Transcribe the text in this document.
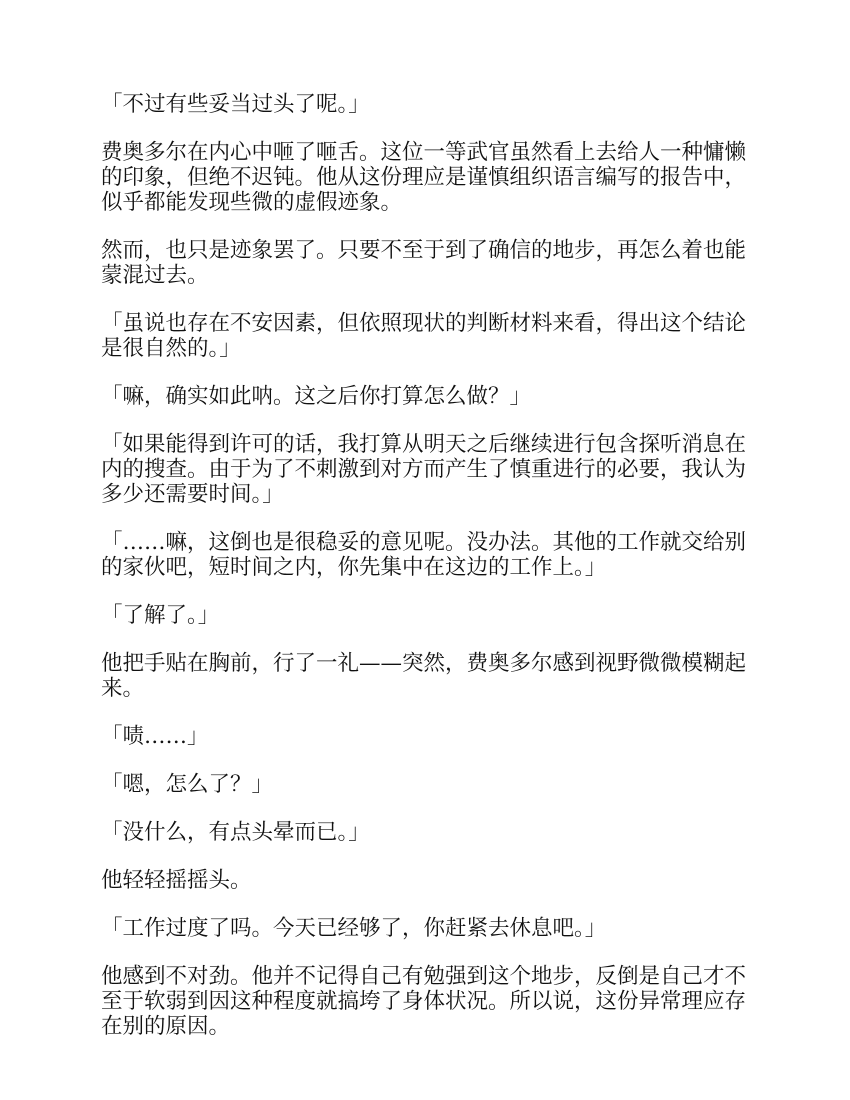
「不过有些妥当过头了呢。」

费奥多尔在内心中咂了咂舌。这位一等武官虽然看上去给人一种慵懒的印象，但绝不迟钝。他从这份理应是谨慎组织语言编写的报告中，似乎都能发现些微的虚假迹象。

然而，也只是迹象罢了。只要不至于到了确信的地步，再怎么着也能蒙混过去。

「虽说也存在不安因素，但依照现状的判断材料来看，得出这个结论是很自然的。」

「嘛，确实如此呐。这之后你打算怎么做？」

「如果能得到许可的话，我打算从明天之后继续进行包含探听消息在内的搜查。由于为了不刺激到对方而产生了慎重进行的必要，我认为多少还需要时间。」

「……嘛，这倒也是很稳妥的意见呢。没办法。其他的工作就交给别的家伙吧，短时间之内，你先集中在这边的工作上。」

「了解了。」

他把手贴在胸前，行了一礼——突然，费奥多尔感到视野微微模糊起来。

「啧……」

「嗯，怎么了？」

「没什么，有点头晕而已。」

他轻轻摇摇头。

「工作过度了吗。今天已经够了，你赶紧去休息吧。」

他感到不对劲。他并不记得自己有勉强到这个地步，反倒是自己才不至于软弱到因这种程度就搞垮了身体状况。所以说，这份异常理应存在别的原因。
